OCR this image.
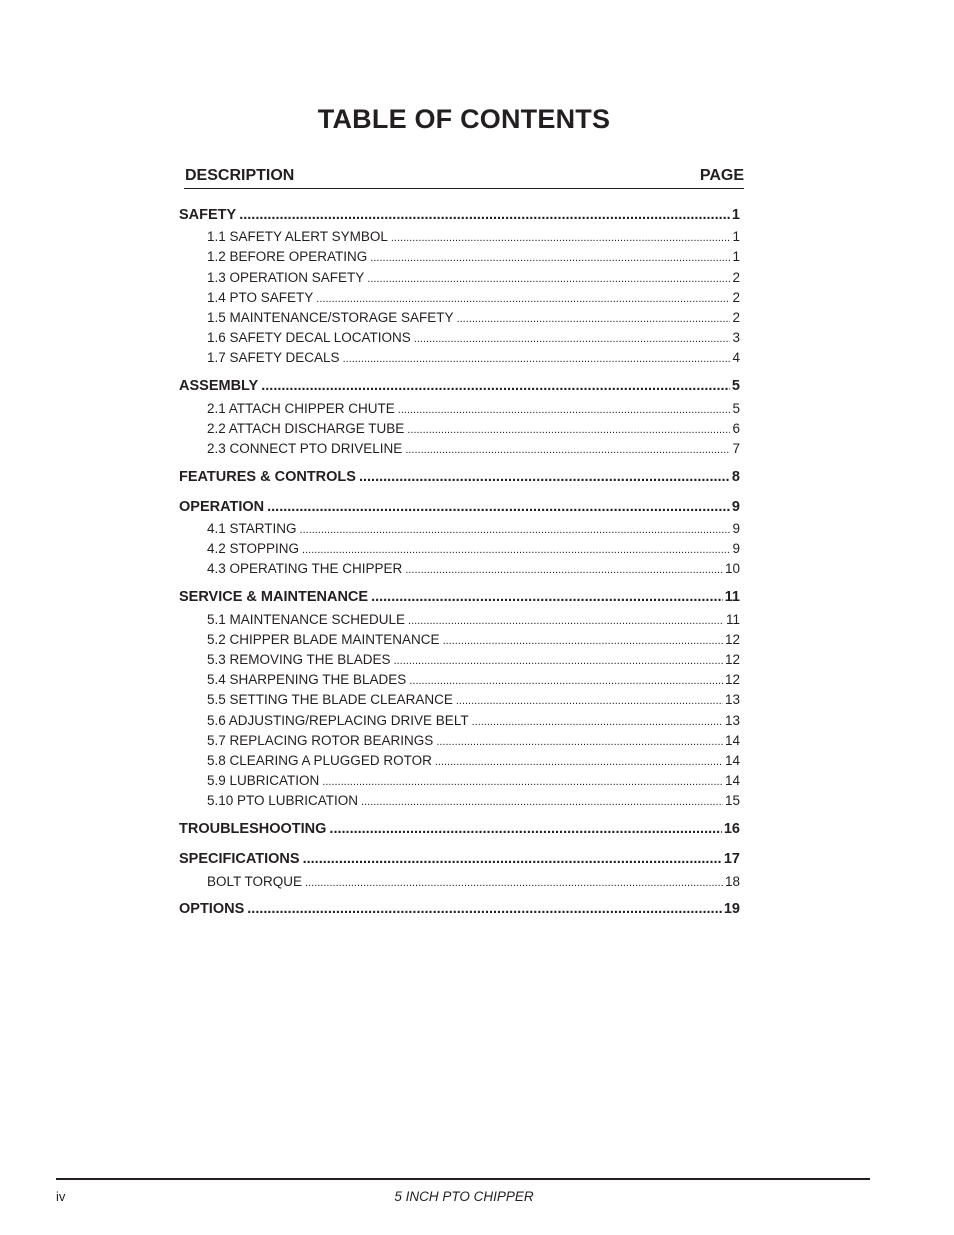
TABLE OF CONTENTS
DESCRIPTION	PAGE
SAFETY .....	1
1.1 SAFETY ALERT SYMBOL .....	1
1.2 BEFORE OPERATING .....	1
1.3 OPERATION SAFETY .....	2
1.4 PTO SAFETY .....	2
1.5 MAINTENANCE/STORAGE SAFETY .....	2
1.6 SAFETY DECAL LOCATIONS .....	3
1.7 SAFETY DECALS .....	4
ASSEMBLY .....	5
2.1 ATTACH CHIPPER CHUTE .....	5
2.2 ATTACH DISCHARGE TUBE .....	6
2.3 CONNECT PTO DRIVELINE .....	7
FEATURES & CONTROLS .....	8
OPERATION .....	9
4.1 STARTING .....	9
4.2 STOPPING .....	9
4.3 OPERATING THE CHIPPER .....	10
SERVICE & MAINTENANCE .....	11
5.1 MAINTENANCE SCHEDULE .....	11
5.2 CHIPPER BLADE MAINTENANCE .....	12
5.3 REMOVING THE BLADES .....	12
5.4 SHARPENING THE BLADES .....	12
5.5 SETTING THE BLADE CLEARANCE .....	13
5.6 ADJUSTING/REPLACING DRIVE BELT .....	13
5.7 REPLACING ROTOR BEARINGS .....	14
5.8 CLEARING A PLUGGED ROTOR .....	14
5.9 LUBRICATION .....	14
5.10 PTO LUBRICATION .....	15
TROUBLESHOOTING .....	16
SPECIFICATIONS .....	17
BOLT TORQUE .....	18
OPTIONS .....	19
iv	5 INCH PTO CHIPPER
